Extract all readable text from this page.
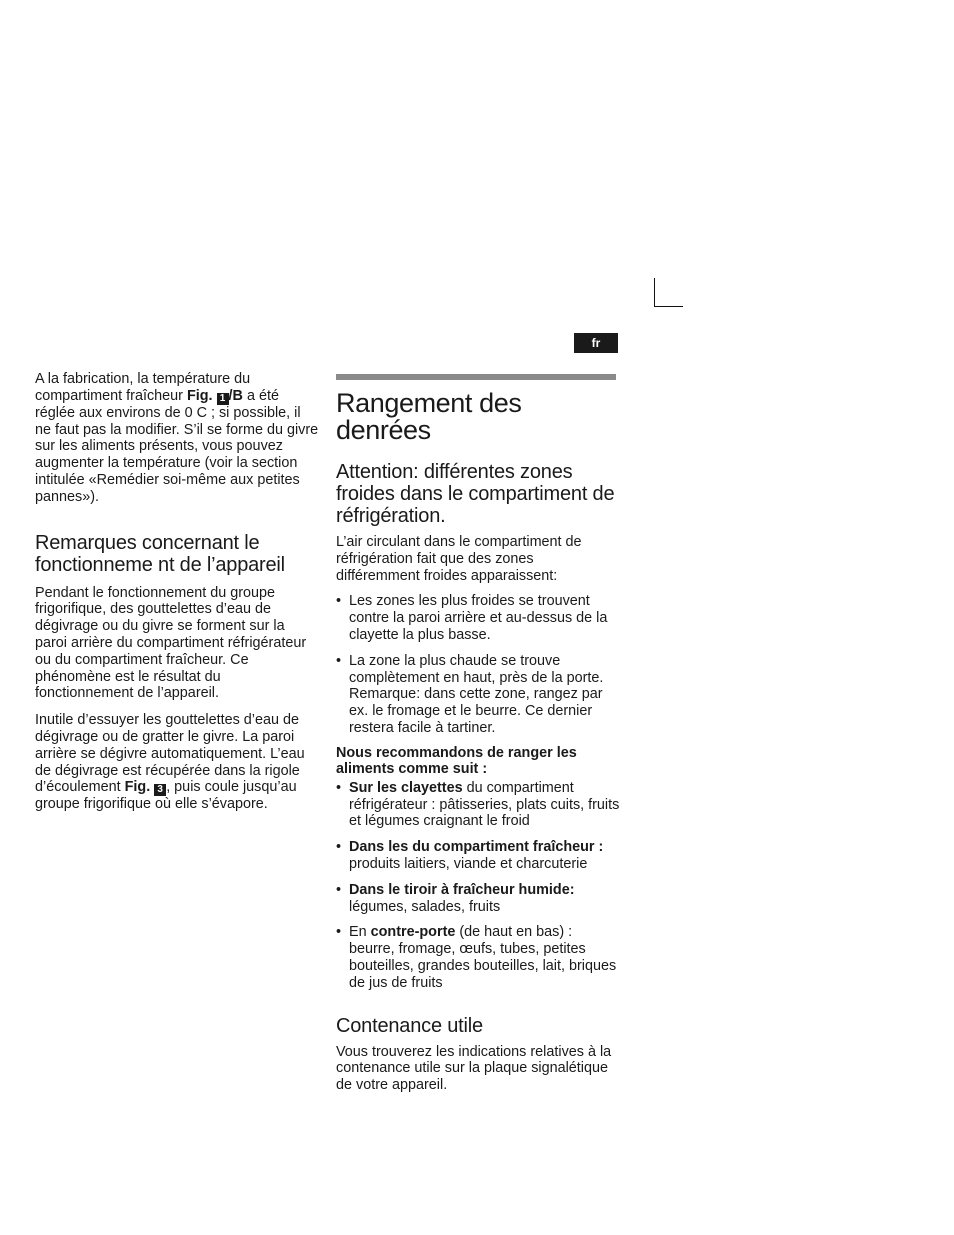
fr

A la fabrication, la température du compartiment fraîcheur Fig. 1 /B a été réglée aux environs de 0 C ; si possible, il ne faut pas la modifier. S’il se forme du givre sur les aliments présents, vous pouvez augmenter la température (voir la section intitulée «Remédier soi-même aux petites pannes»).

Remarques concernant le fonctionneme nt de l’appareil

Pendant le fonctionnement du groupe frigorifique, des gouttelettes d’eau de dégivrage ou du givre se forment sur la paroi arrière du compartiment réfrigérateur ou du compartiment fraîcheur. Ce phénomène est le résultat du fonctionnement de l’appareil.

Inutile d’essuyer les gouttelettes d’eau de dégivrage ou de gratter le givre. La paroi arrière se dégivre automatiquement. L’eau de dégivrage est récupérée dans la rigole d’écoulement Fig. 3 , puis coule jusqu’au groupe frigorifique où elle s’évapore.

Rangement des denrées
Attention: différentes zones froides dans le compartiment de réfrigération.

L’air circulant dans le compartiment de réfrigération fait que des zones différemment froides apparaissent:

• Les zones les plus froides se trouvent contre la paroi arrière et au-dessus de la clayette la plus basse.
• La zone la plus chaude se trouve complètement en haut, près de la porte. Remarque: dans cette zone, rangez par ex. le fromage et le beurre. Ce dernier restera facile à tartiner.

Nous recommandons de ranger les aliments comme suit :

• Sur les clayettes du compartiment réfrigérateur : pâtisseries, plats cuits, fruits et légumes craignant le froid
• Dans les du compartiment fraîcheur : produits laitiers, viande et charcuterie
• Dans le tiroir à fraîcheur humide: légumes, salades, fruits
• En contre-porte (de haut en bas) : beurre, fromage, œufs, tubes, petites bouteilles, grandes bouteilles, lait, briques de jus de fruits
Contenance utile

Vous trouverez les indications relatives à la contenance utile sur la plaque signalétique de votre appareil.
